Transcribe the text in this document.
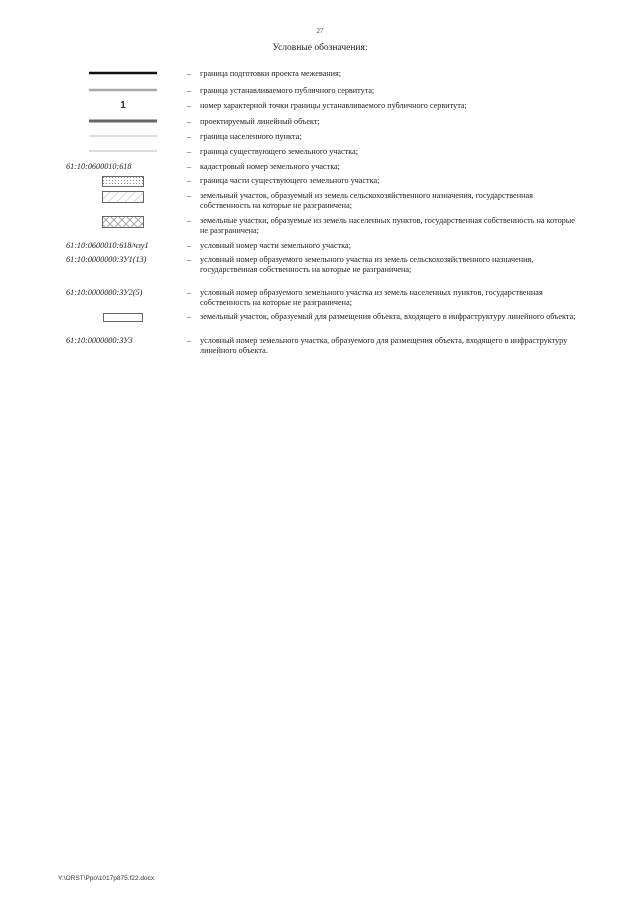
27
Условные обозначения:
–	граница подготовки проекта межевания;
–	граница устанавливаемого публичного сервитута;
1	–	номер характерной точки границы устанавливаемого публичного сервитута;
–	проектируемый линейный объект;
–	граница населенного пункта;
–	граница существующего земельного участка;
61:10:0600010:618	–	кадастровый номер земельного участка;
–	граница части существующего земельного участка;
–	земельный участок, образуемый из земель сельскохозяйственного назначения, государственная собственность на которые не разграничена;
–	земельные участки, образуемые из земель населенных пунктов, государственная собственность на которые не разграничена;
61:10:0600010:618/чзу1	–	условный номер части земельного участка;
61:10:0000000:ЗУ1(13)	–	условный номер образуемого земельного участка из земель сельскохозяйственного назначения, государственная собственность на которые не разграничена;
61:10:0000000:ЗУ2(5)	–	условный номер образуемого земельного участка из земель населенных пунктов, государственная собственность на которые не разграничена;
–	земельный участок, образуемый для размещения объекта, входящего в инфраструктуру линейного объекта;
61:10:0000000:ЗУ3	–	условный номер земельного участка, образуемого для размещения объекта, входящего в инфраструктуру линейного объекта.
Y:\ORST\Ppo\1017p875.f22.docx
